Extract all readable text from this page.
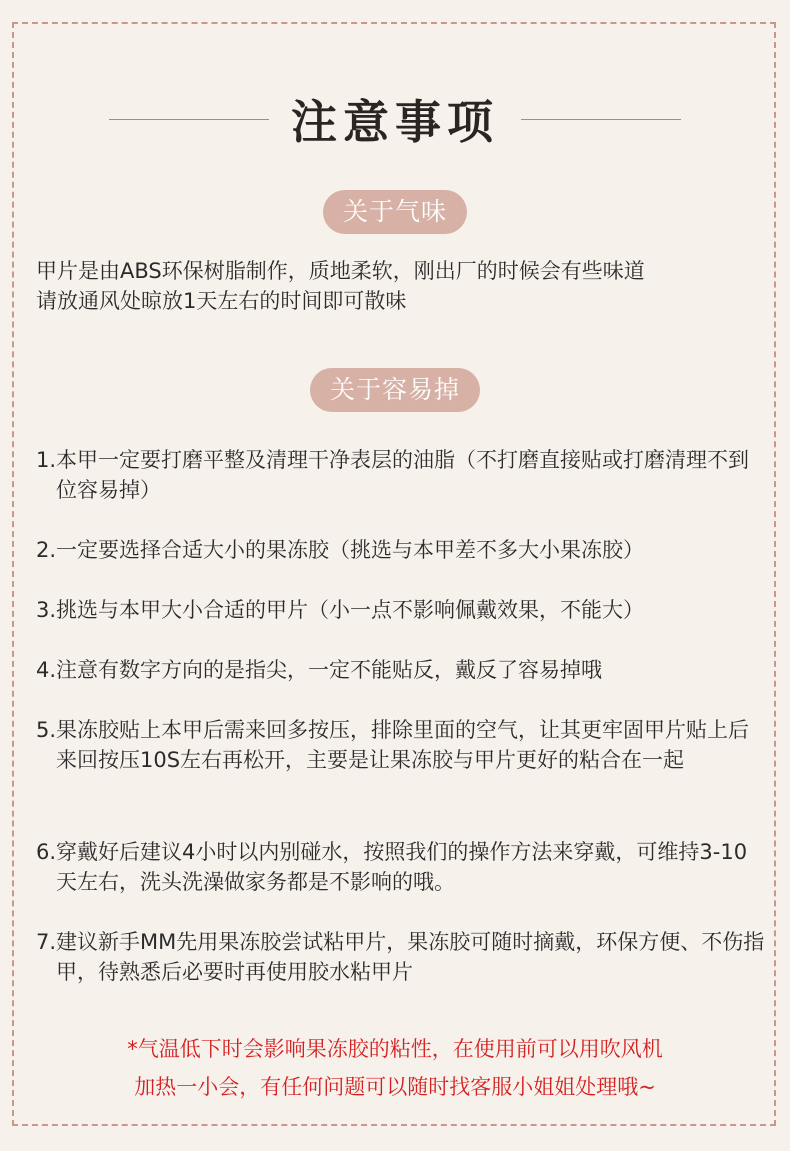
注意事项
关于气味
甲片是由ABS环保树脂制作，质地柔软，刚出厂的时候会有些味道
请放通风处晾放1天左右的时间即可散味
关于容易掉
1.本甲一定要打磨平整及清理干净表层的油脂（不打磨直接贴或打磨清理不到位容易掉）
2.一定要选择合适大小的果冻胶（挑选与本甲差不多大小果冻胶）
3.挑选与本甲大小合适的甲片（小一点不影响佩戴效果，不能大）
4.注意有数字方向的是指尖，一定不能贴反，戴反了容易掉哦
5.果冻胶贴上本甲后需来回多按压，排除里面的空气，让其更牢固甲片贴上后来回按压10S左右再松开，主要是让果冻胶与甲片更好的粘合在一起
6.穿戴好后建议4小时以内别碰水，按照我们的操作方法来穿戴，可维持3-10天左右，洗头洗澡做家务都是不影响的哦。
7.建议新手MM先用果冻胶尝试粘甲片，果冻胶可随时摘戴，环保方便、不伤指甲，待熟悉后必要时再使用胶水粘甲片
*气温低下时会影响果冻胶的粘性，在使用前可以用吹风机
加热一小会，有任何问题可以随时找客服小姐姐处理哦~
